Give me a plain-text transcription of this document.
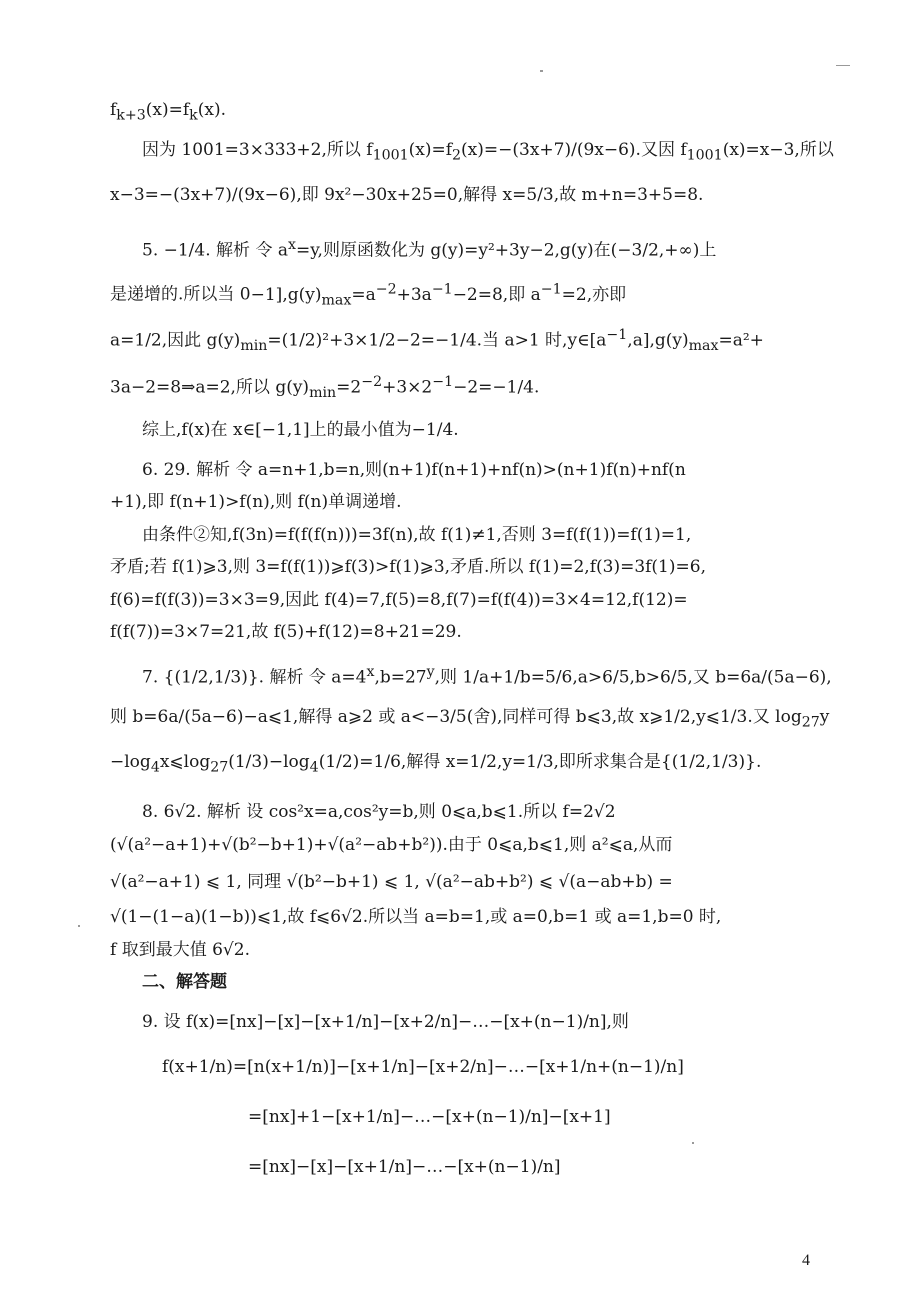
$f_{k+3}(x)=f_k(x)$.
因为 1001=3×333+2,所以 $f_{1001}(x)=f_2(x)=-(3x+7)/(9x-6)$.又因 $f_{1001}(x)=x-3$,所以
x−3=−(3x+7)/(9x−6),即 9x²−30x+25=0,解得 x=5/3,故 m+n=3+5=8.
5. −1/4. 解析 令 $a^x=y$,则原函数化为 g(y)=y²+3y−2,g(y)在(−3/2,+∞)上
是递增的.所以当 $0-1],g(y)_{max}=a^{-2}+3a^{-1}-2=8$,即 $a^{-1}=2$,亦即
a=1/2,因此 $g(y)_{min}=(1/2)^2+3\times 1/2-2=-1/4$.当 a>1 时$,y\in[a^{-1},a],g(y)_{max}=a^2+$
3a−2=8⇒a=2,所以 $g(y)_{min}=2^{-2}+3\times 2^{-1}-2=-1/4$.
综上,f(x)在 x∈[−1,1]上的最小值为−1/4.
6. 29. 解析 令 a=n+1,b=n,则(n+1)f(n+1)+nf(n)>(n+1)f(n)+nf(n
+1),即 f(n+1)>f(n),则 f(n)单调递增.
由条件②知,f(3n)=f(f(f(n)))=3f(n),故 f(1)≠1,否则 3=f(f(1))=f(1)=1,
矛盾;若 f(1)⩾3,则 3=f(f(1))⩾f(3)>f(1)⩾3,矛盾.所以 f(1)=2,f(3)=3f(1)=6,
f(6)=f(f(3))=3×3=9,因此 f(4)=7,f(5)=8,f(7)=f(f(4))=3×4=12,f(12)=
f(f(7))=3×7=21,故 f(5)+f(12)=8+21=29.
7. {(1/2,1/3)}. 解析 令 $a=4^x,b=27^y$,则 1/a+1/b=5/6,a>6/5,b>6/5,又 b=6a/(5a−6),
则 b=6a/(5a−6)−a⩽1,解得 a⩾2 或 a<−3/5(舍),同样可得 b⩽3,故 x⩾1/2,y⩽1/3.又 $\log_{27}y$
$-\log_4x⩽\log_{27}(1/3)-\log_4(1/2)=1/6$,解得 x=1/2,y=1/3,即所求集合是{(1/2,1/3)}.
8. 6√2. 解析 设 cos²x=a,cos²y=b,则 0⩽a,b⩽1.所以 f=2√2
(√(a²−a+1)+√(b²−b+1)+√(a²−ab+b²)).由于 0⩽a,b⩽1,则 a²⩽a,从而
√(a²−a+1) ⩽ 1, 同理 √(b²−b+1) ⩽ 1, √(a²−ab+b²) ⩽ √(a−ab+b) =
√(1−(1−a)(1−b))⩽1,故 f⩽6√2.所以当 a=b=1,或 a=0,b=1 或 a=1,b=0 时,
f 取到最大值 6√2.
二、解答题
9. 设 f(x)=[nx]−[x]−[x+1/n]−[x+2/n]−…−[x+(n−1)/n],则
f(x+1/n)=[n(x+1/n)]−[x+1/n]−[x+2/n]−…−[x+1/n+(n−1)/n]
=[nx]+1−[x+1/n]−…−[x+(n−1)/n]−[x+1]
=[nx]−[x]−[x+1/n]−…−[x+(n−1)/n]
4
